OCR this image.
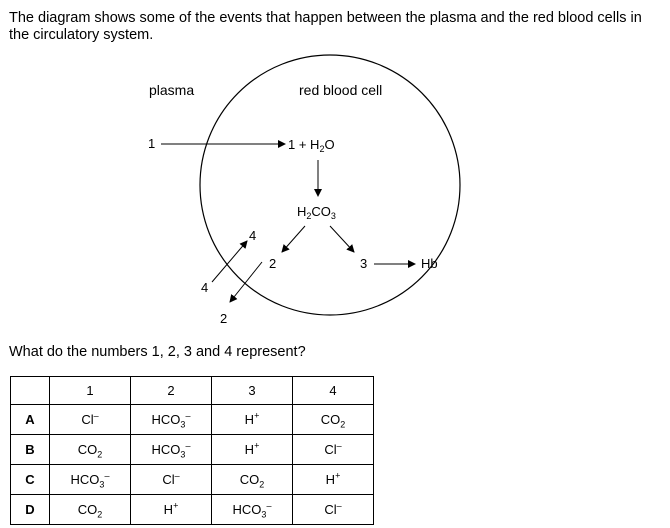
The diagram shows some of the events that happen between the plasma and the red blood cells in the circulatory system.

plasma	red blood cell
1	$1 + H_2O$
$H_2CO_3$
2	3	Hb
4
4
2

What do the numbers 1, 2, 3 and 4 represent?

	1	2	3	4
A	Cl–	$HCO_3^-$	H+	$CO_2$
B	$CO_2$	$HCO_3^-$	H+	Cl–
C	$HCO_3^-$	Cl–	$CO_2$	H+
D	$CO_2$	H+	$HCO_3^-$	Cl–
